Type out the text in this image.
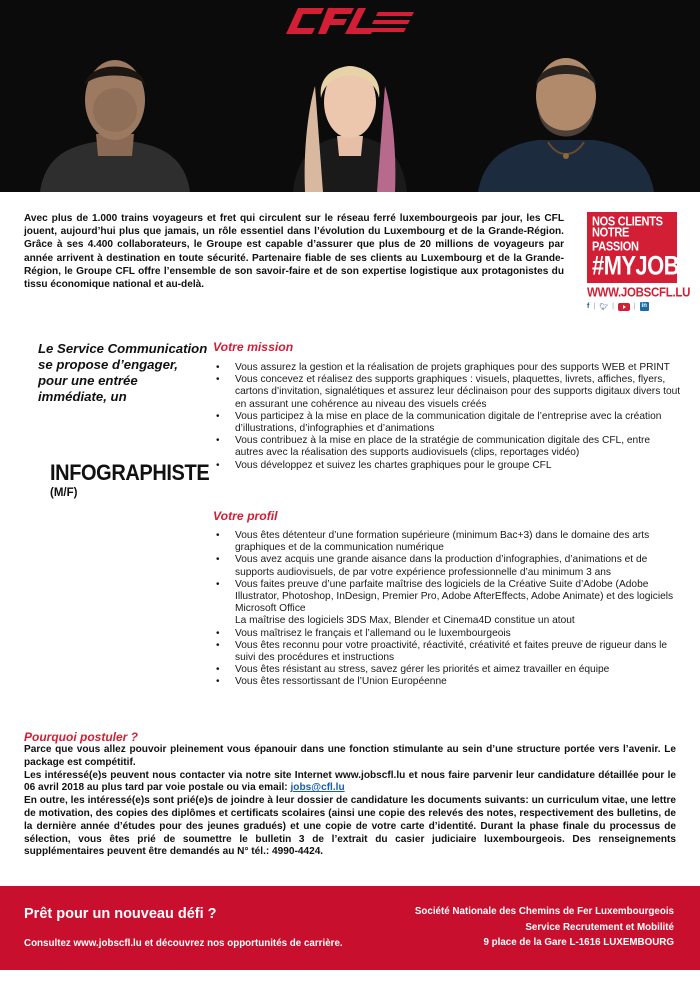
Avec plus de 1.000 trains voyageurs et fret qui circulent sur le réseau ferré luxembourgeois par jour, les CFL jouent, aujourd’hui plus que jamais, un rôle essentiel dans l’évolution du Luxembourg et de la Grande-Région. Grâce à ses 4.400 collaborateurs, le Groupe est capable d’assurer que plus de 20 millions de voyageurs par année arrivent à destination en toute sécurité. Partenaire fiable de ses clients au Luxembourg et de la Grande-Région, le Groupe CFL offre l’ensemble de son savoir-faire et de son expertise logistique aux protagonistes du tissu économique national et au-delà.

NOS CLIENTS
NOTRE PASSION
#MYJOB
WWW.JOBSCFL.LU
f | 🐦︎ |	| in

Le Service Communication se propose d’engager, pour une entrée immédiate, un

INFOGRAPHISTE
(M/F)
Votre mission
• Vous assurez la gestion et la réalisation de projets graphiques pour des supports WEB et PRINT
• Vous concevez et réalisez des supports graphiques : visuels, plaquettes, livrets, affiches, flyers, cartons d’invitation, signalétiques et assurez leur déclinaison pour des supports digitaux divers tout en assurant une cohérence au niveau des visuels créés
• Vous participez à la mise en place de la communication digitale de l’entreprise avec la création d’illustrations, d’infographies et d’animations
• Vous contribuez à la mise en place de la stratégie de communication digitale des CFL, entre autres avec la réalisation des supports audiovisuels (clips, reportages vidéo)
• Vous développez et suivez les chartes graphiques pour le groupe CFL
Votre profil
• Vous êtes détenteur d’une formation supérieure (minimum Bac+3) dans le domaine des arts graphiques et de la communication numérique
• Vous avez acquis une grande aisance dans la production d’infographies, d’animations et de supports audiovisuels, de par votre expérience professionnelle d’au minimum 3 ans
• Vous faites preuve d’une parfaite maîtrise des logiciels de la Créative Suite d’Adobe (Adobe Illustrator, Photoshop, InDesign, Premier Pro, Adobe AfterEffects, Adobe Animate) et des logiciels Microsoft Office
La maîtrise des logiciels 3DS Max, Blender et Cinema4D constitue un atout
• Vous maîtrisez le français et l’allemand ou le luxembourgeois
• Vous êtes reconnu pour votre proactivité, réactivité, créativité et faites preuve de rigueur dans le suivi des procédures et instructions
• Vous êtes résistant au stress, savez gérer les priorités et aimez travailler en équipe
• Vous êtes ressortissant de l’Union Européenne
Pourquoi postuler ?

Parce que vous allez pouvoir pleinement vous épanouir dans une fonction stimulante au sein d’une structure portée vers l’avenir. Le package est compétitif.

Les intéressé(e)s peuvent nous contacter via notre site Internet www.jobscfl.lu et nous faire parvenir leur candidature détaillée pour le 06 avril 2018 au plus tard par voie postale ou via email: jobs@cfl.lu

En outre, les intéressé(e)s sont prié(e)s de joindre à leur dossier de candidature les documents suivants: un curriculum vitae, une lettre de motivation, des copies des diplômes et certificats scolaires (ainsi une copie des relevés des notes, respectivement des bulletins, de la dernière année d’études pour des jeunes gradués) et une copie de votre carte d’identité. Durant la phase finale du processus de sélection, vous êtes prié de soumettre le bulletin 3 de l’extrait du casier judiciaire luxembourgeois. Des renseignements supplémentaires peuvent être demandés au N° tél.: 4990-4424.

Prêt pour un nouveau défi ?
Consultez www.jobscfl.lu et découvrez nos opportunités de carrière.
Société Nationale des Chemins de Fer Luxembourgeois
Service Recrutement et Mobilité
9 place de la Gare L-1616 LUXEMBOURG
